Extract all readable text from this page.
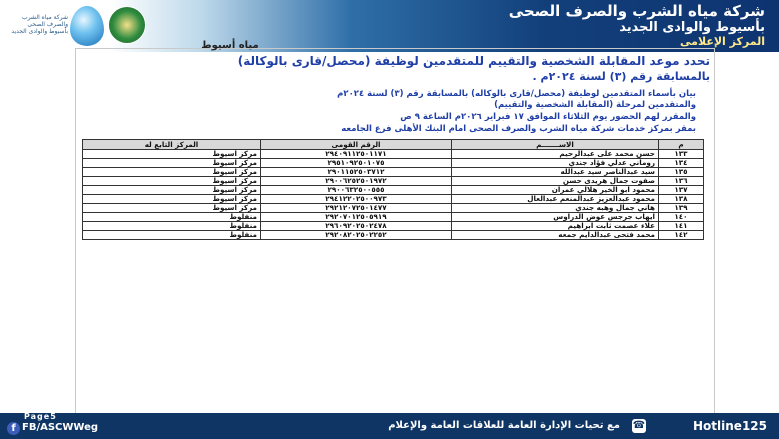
شركة مياه الشرب والصرف الصحى بأسيوط والوادى الجديد
شركة مياه الشرب والصرف الصحى
بأسيوط والوادى الجديد
المركز الإعلامى
مياه أسيوط
تحدد موعد المقابلة الشخصية والتقييم للمتقدمين لوظيفة (محصل/قارى بالوكالة)
بالمسابقة رقم (٣) لسنة ٢٠٢٤م .
بيان بأسماء المتقدمين لوظيفة (محصل/قارى بالوكاله) بالمسابقة رقم (٣) لسنة ٢٠٢٤م
والمتقدمين لمرحلة (المقابلة الشخصية والتقييم)
والمقرر لهم الحضور يوم الثلاثاء الموافق ١٧ فبراير ٢٠٢٦م الساعة ٩ ص
بمقر بمركز خدمات شركة مياه الشرب والصرف الصحى امام البنك الأهلى فرع الجامعه
م	الاســـــــم	الرقم القومى	المركز التابع له
١٣٣	حسن محمد على عبدالرحيم	٢٩٤٠٩١١٢٥٠١١٧١	مركز اسيوط
١٣٤	روماني عدلي فؤاد جندي	٢٩٥١٠٩٢٥٠١٠٧٥	مركز اسيوط
١٣٥	سيد عبدالناصر سيد عبدالله	٢٩٠١١٥٢٥٠٣٧١٢	مركز اسيوط
١٣٦	صفوت جمال هريدى حسن	٢٩٠٠٦٢٥٢٥٠١٩٧٢	مركز اسيوط
١٣٧	محمود ابو الخير هلالي عمران	٢٩٠٠٦٣٢٥٠٠٥٥٥	مركز اسيوط
١٣٨	محمود عبدالعزيز عبدالمنعم عبدالعال	٢٩٤١٢٢٠٢٥٠٠٩٧٣	مركز اسيوط
١٣٩	هاني جمال وهبه جندي	٢٩٢١٢٠٧٢٥٠١٤٧٧	مركز اسيوط
١٤٠	ايهاب جرجس عوض الدراوس	٢٩٢٠٧٠١٢٥٠٥٩١٩	منفلوط
١٤١	علاء عصمت ثابت ابراهيم	٢٩٦٠٩٢٠٢٥٠٢٤٧٨	منفلوط
١٤٢	محمد فتحى عبدالدايم جمعه	٢٩٢٠٨٢٠٢٥٠٢٢٥٢	منفلوط
Page5
f FB/ASCWWeg	مع تحيات الإدارة العامة للعلاقات العامة والإعلام ☎	Hotline125
